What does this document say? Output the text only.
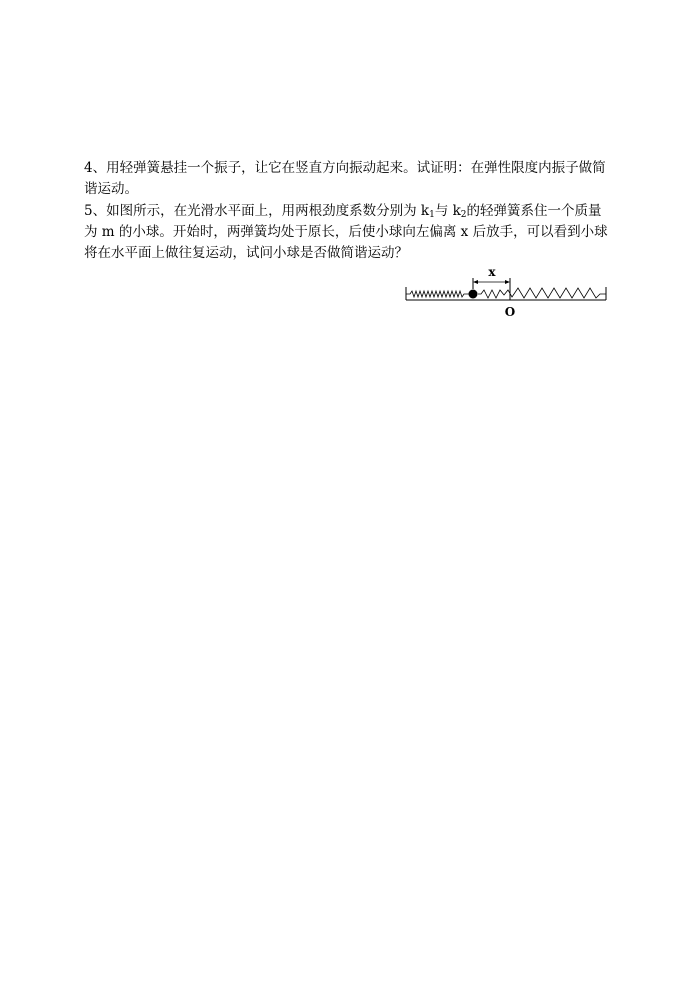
4、用轻弹簧悬挂一个振子，让它在竖直方向振动起来。试证明：在弹性限度内振子做简谐运动。

5、如图所示，在光滑水平面上，用两根劲度系数分别为 $k_1$与 $k_2$的轻弹簧系住一个质量为 m 的小球。开始时，两弹簧均处于原长，后使小球向左偏离 x 后放手，可以看到小球将在水平面上做往复运动，试问小球是否做简谐运动？

x
O
